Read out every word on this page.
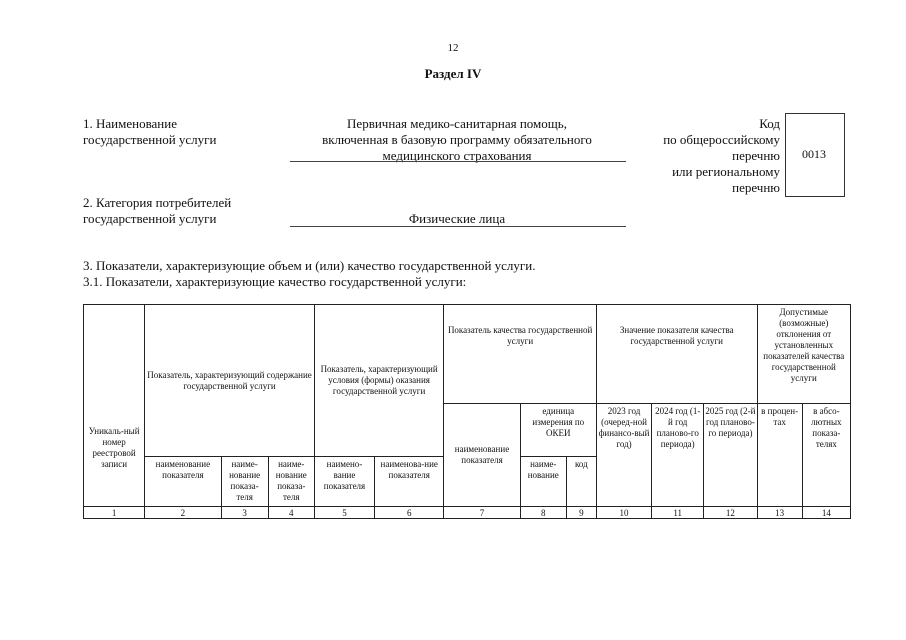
12
Раздел IV
1. Наименование
государственной услуги
Первичная медико-санитарная помощь,
включенная в базовую программу обязательного
медицинского страхования
Код
по общероссийскому
перечню
или региональному
перечню
0013
2. Категория потребителей
государственной услуги	Физические лица
3. Показатели, характеризующие объем и (или) качество государственной услуги.
3.1. Показатели, характеризующие качество государственной услуги:
Уникаль-ный номер реестровой записи	Показатель, характеризующий содержание государственной услуги			Показатель, характеризующий условия (формы) оказания государственной услуги		Показатель качества государственной услуги			Значение показателя качества государственной услуги			Допустимые (возможные) отклонения от установленных показателей качества государственной услуги	
						наименование показателя	единица измерения по ОКЕИ		2023 год (очеред-ной финансо-вый год)	2024 год (1-й год планово-го периода)	2025 год (2-й год планово-го периода)	в процен-тах	в абсо-лютных показа-телях
	наименование показателя	наиме-нование показа-теля	наиме-нование показа-теля	наимено-вание показателя	наименова-ние показателя		наиме-нование	код					
1	2	3	4	5	6	7	8	9	10	11	12	13	14
